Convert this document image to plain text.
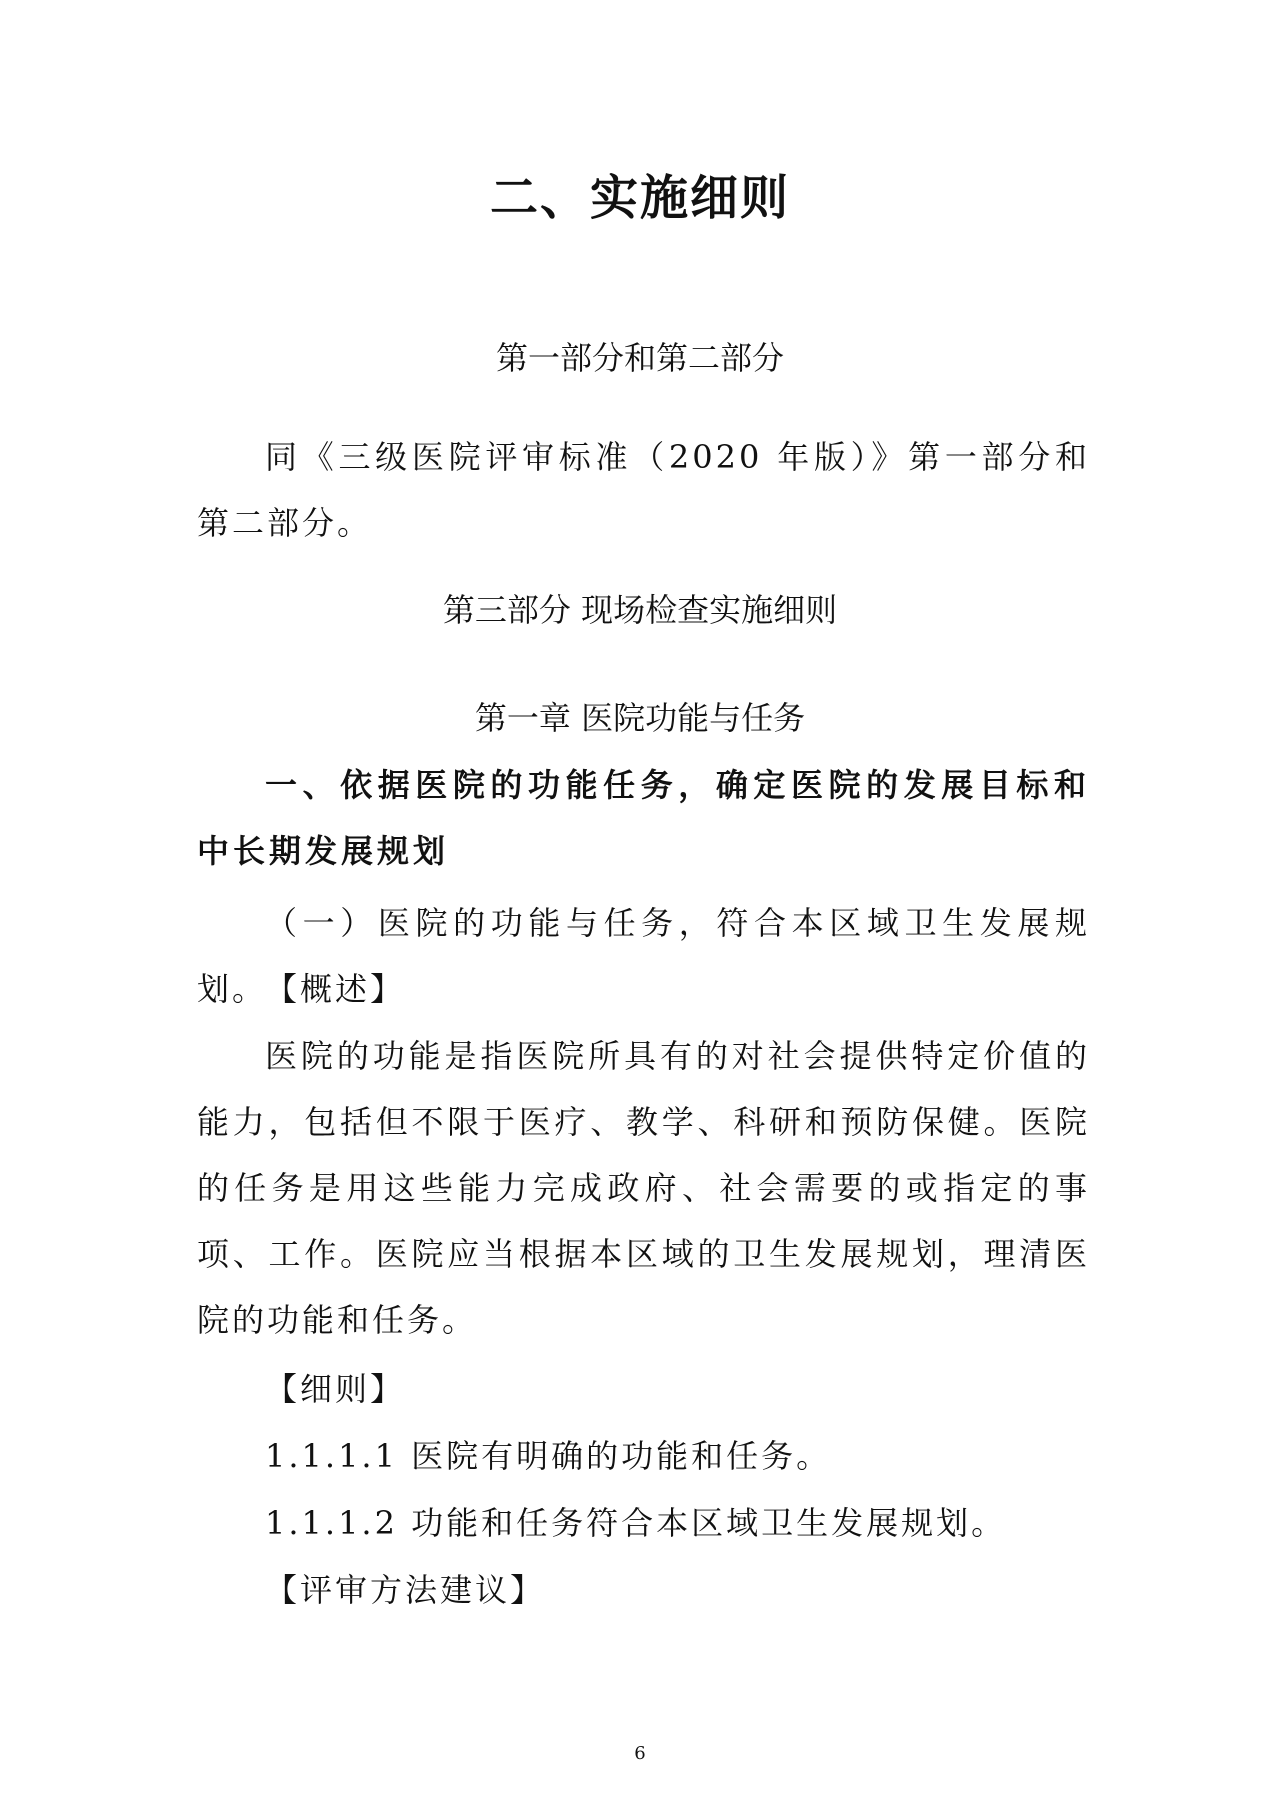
二、实施细则
第一部分和第二部分

同《三级医院评审标准（2020 年版）》第一部分和第二部分。

第三部分 现场检查实施细则
第一章 医院功能与任务

一、依据医院的功能任务，确定医院的发展目标和中长期发展规划

（一）医院的功能与任务，符合本区域卫生发展规划。

【概述】

医院的功能是指医院所具有的对社会提供特定价值的能力，包括但不限于医疗、教学、科研和预防保健。医院的任务是用这些能力完成政府、社会需要的或指定的事项、工作。医院应当根据本区域的卫生发展规划，理清医院的功能和任务。

【细则】

1.1.1.1 医院有明确的功能和任务。

1.1.1.2 功能和任务符合本区域卫生发展规划。

【评审方法建议】

6
